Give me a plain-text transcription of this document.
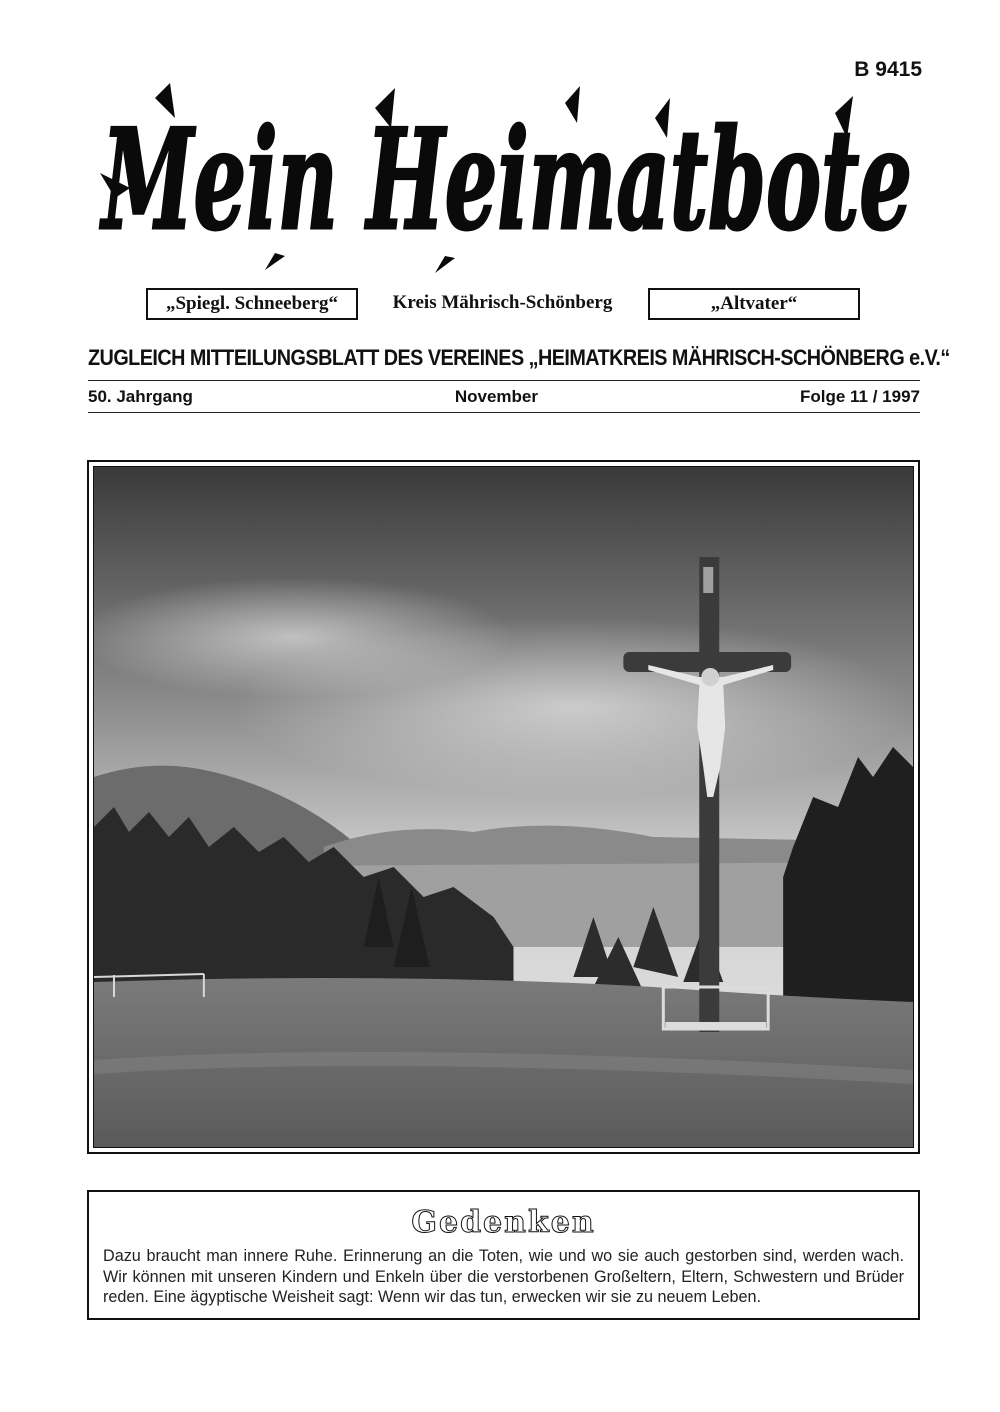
B 9415
Mein Heimatbote
„Spiegl. Schneeberg“	Kreis Mährisch-Schönberg	„Altvater“
ZUGLEICH MITTEILUNGSBLATT DES VEREINES „HEIMATKREIS MÄHRISCH-SCHÖNBERG e.V.“
50. Jahrgang	November	Folge 11 / 1997
Gedenken
Dazu braucht man innere Ruhe. Erinnerung an die Toten, wie und wo sie auch gestorben sind, werden wach. Wir können mit unseren Kindern und Enkeln über die verstorbenen Großeltern, Eltern, Schwestern und Brüder reden. Eine ägyptische Weisheit sagt: Wenn wir das tun, erwecken wir sie zu neuem Leben.
